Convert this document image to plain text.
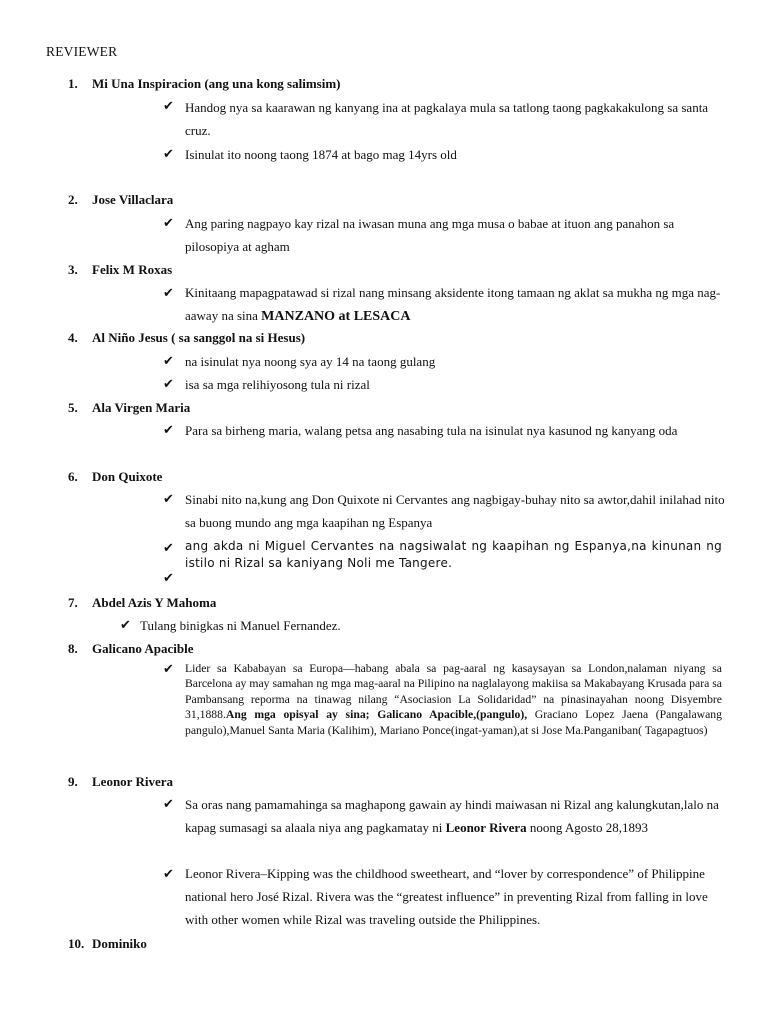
REVIEWER
1. Mi Una Inspiracion (ang una kong salimsim)
✔ Handog nya sa kaarawan ng kanyang ina at pagkalaya mula sa tatlong taong pagkakakulong sa santa cruz.
✔ Isinulat ito noong taong 1874 at bago mag 14yrs old
2. Jose Villaclara
✔ Ang paring nagpayo kay rizal na iwasan muna ang mga musa o babae at ituon ang panahon sa pilosopiya at agham
3. Felix M Roxas
✔ Kinitaang mapagpatawad si rizal nang minsang aksidente itong tamaan ng aklat sa mukha ng mga nag-aaway na sina MANZANO at LESACA
4. Al Niño Jesus ( sa sanggol na si Hesus)
✔ na isinulat nya noong sya ay 14 na taong gulang
✔ isa sa mga relihiyosong tula ni rizal
5. Ala Virgen Maria
✔ Para sa birheng maria, walang petsa ang nasabing tula na isinulat nya kasunod ng kanyang oda
6. Don Quixote
✔ Sinabi nito na,kung ang Don Quixote ni Cervantes ang nagbigay-buhay nito sa awtor,dahil inilahad nito sa buong mundo ang mga kaapihan ng Espanya
✔ ang akda ni Miguel Cervantes na nagsiwalat ng kaapihan ng Espanya,na kinunan ng istilo ni Rizal sa kaniyang Noli me Tangere.
✔
7. Abdel Azis Y Mahoma
✔ Tulang binigkas ni Manuel Fernandez.
8. Galicano Apacible
✔ Lider sa Kababayan sa Europa—habang abala sa pag-aaral ng kasaysayan sa London,nalaman niyang sa Barcelona ay may samahan ng mga mag-aaral na Pilipino na naglalayong makiisa sa Makabayang Krusada para sa Pambansang reporma na tinawag nilang “Asociasion La Solidaridad” na pinasinayahan noong Disyembre 31,1888.Ang mga opisyal ay sina; Galicano Apacible,(pangulo), Graciano Lopez Jaena (Pangalawang pangulo),Manuel Santa Maria (Kalihim), Mariano Ponce(ingat-yaman),at si Jose Ma.Panganiban( Tagapagtuos)
9. Leonor Rivera
✔ Sa oras nang pamamahinga sa maghapong gawain ay hindi maiwasan ni Rizal ang kalungkutan,lalo na kapag sumasagi sa alaala niya ang pagkamatay ni Leonor Rivera noong Agosto 28,1893
✔ Leonor Rivera–Kipping was the childhood sweetheart, and “lover by correspondence” of Philippine national hero José Rizal. Rivera was the “greatest influence” in preventing Rizal from falling in love with other women while Rizal was traveling outside the Philippines.
10. Dominiko
